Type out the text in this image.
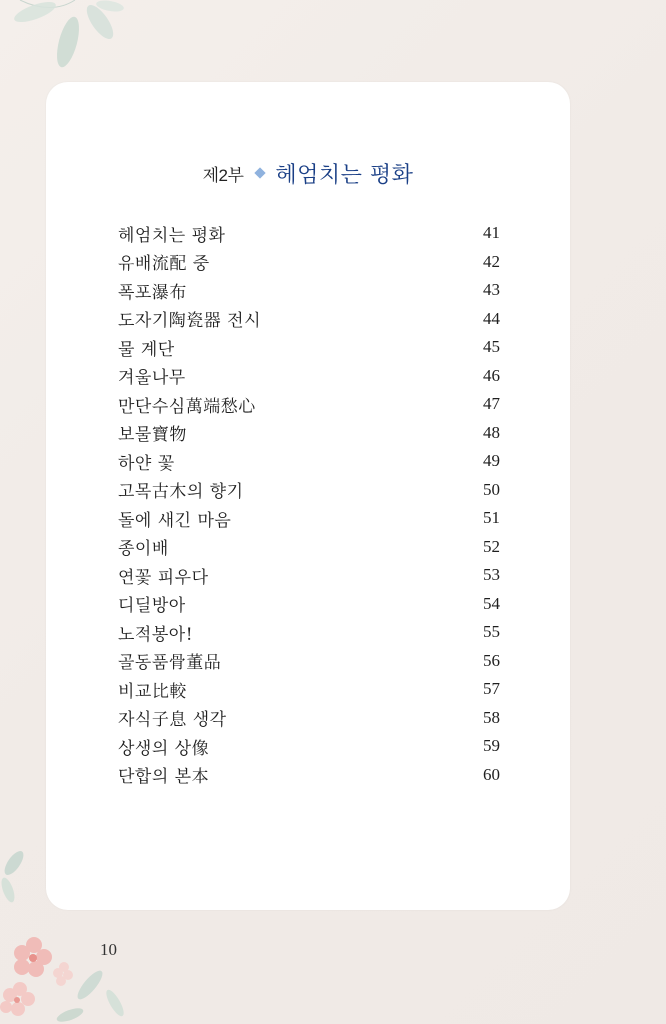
제2부 헤엄치는 평화
헤엄치는 평화	41
유배流配 중	42
폭포瀑布	43
도자기陶瓷器 전시	44
물 계단	45
겨울나무	46
만단수심萬端愁心	47
보물寶物	48
하얀 꽃	49
고목古木의 향기	50
돌에 새긴 마음	51
종이배	52
연꽃 피우다	53
디딜방아	54
노적봉아!	55
골동품骨董品	56
비교比較	57
자식子息 생각	58
상생의 상像	59
단합의 본本	60
10
